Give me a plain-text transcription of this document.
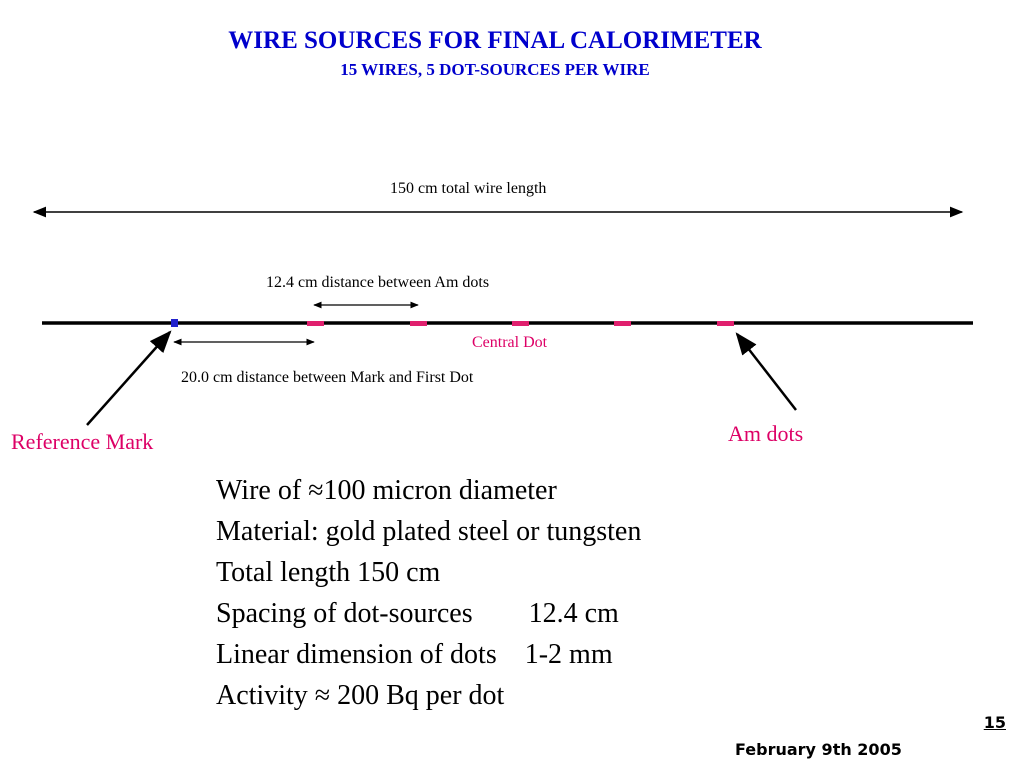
WIRE SOURCES FOR FINAL CALORIMETER
15 WIRES, 5 DOT-SOURCES PER WIRE
150 cm total wire length
12.4 cm distance between Am dots
Central Dot
20.0 cm distance between Mark and First Dot
Reference Mark	Am dots
Wire of ≈100 micron diameter
Material: gold plated steel or tungsten
Total length 150 cm
Spacing of dot-sources        12.4 cm
Linear dimension of dots    1-2 mm
Activity ≈ 200 Bq per dot
15
February 9th 2005
